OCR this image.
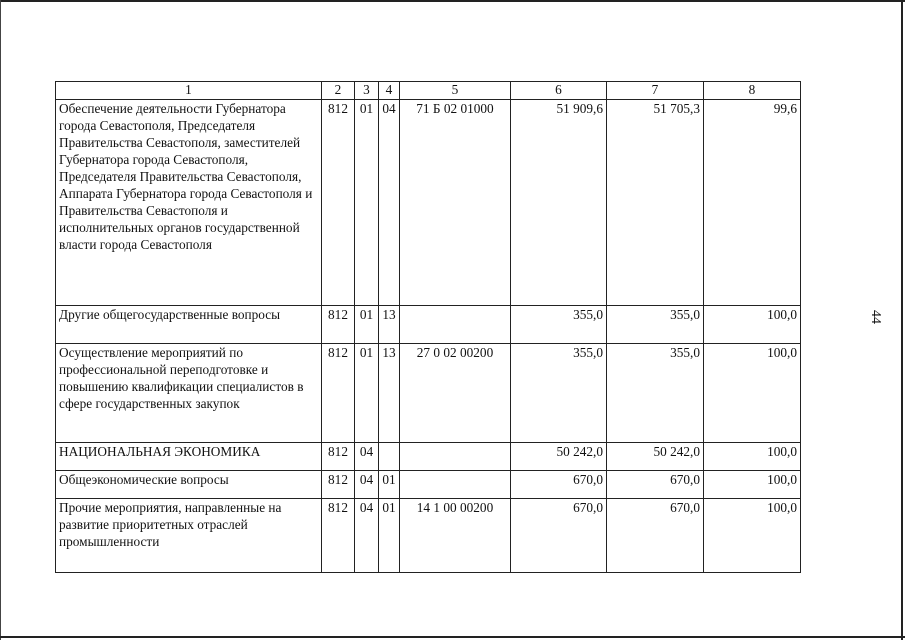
44
1	2	3	4	5	6	7	8
Обеспечение деятельности Губернатора города Севастополя, Председателя Правительства Севастополя, заместителей Губернатора города Севастополя, Председателя Правительства Севастополя, Аппарата Губернатора города Севастополя и Правительства Севастополя и исполнительных органов государственной власти города Севастополя	812	01	04	71 Б 02 01000	51 909,6	51 705,3	99,6
Другие общегосударственные вопросы	812	01	13		355,0	355,0	100,0
Осуществление мероприятий по профессиональной переподготовке и повышению квалификации специалистов в сфере государственных закупок	812	01	13	27 0 02 00200	355,0	355,0	100,0
НАЦИОНАЛЬНАЯ ЭКОНОМИКА	812	04			50 242,0	50 242,0	100,0
Общеэкономические вопросы	812	04	01		670,0	670,0	100,0
Прочие мероприятия, направленные на развитие приоритетных отраслей промышленности	812	04	01	14 1 00 00200	670,0	670,0	100,0
